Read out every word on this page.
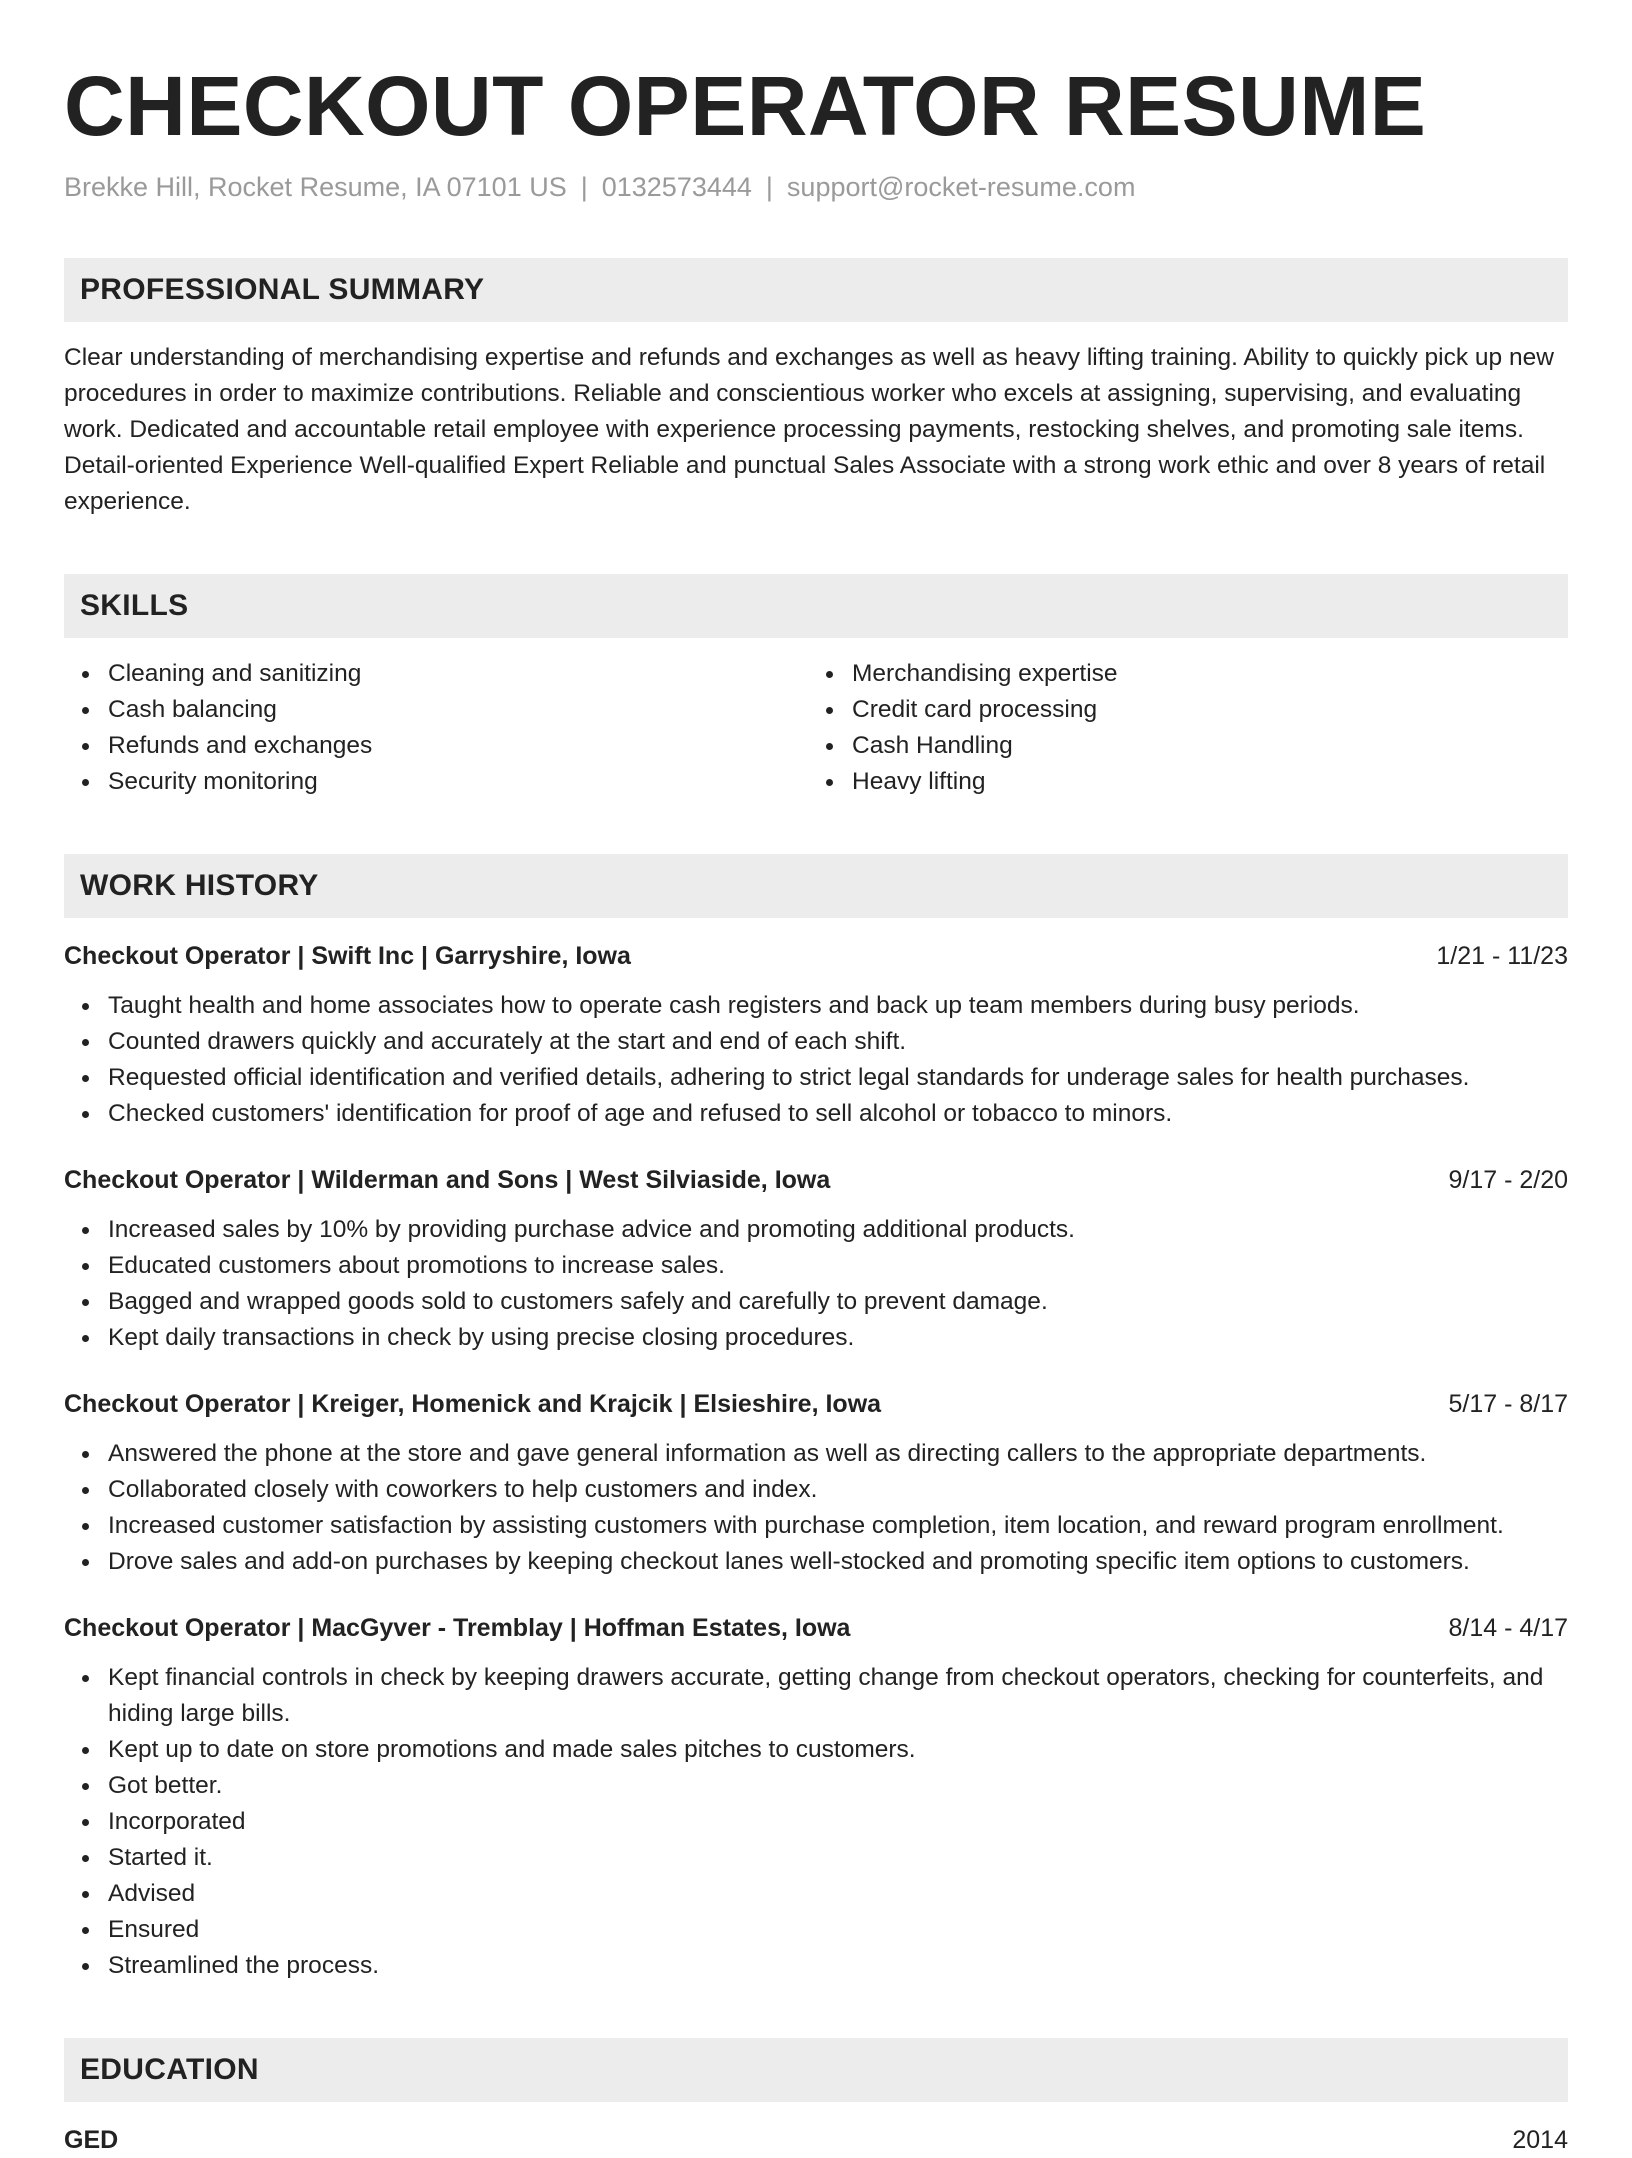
CHECKOUT OPERATOR RESUME
Brekke Hill, Rocket Resume, IA 07101 US | 0132573444 | support@rocket-resume.com
PROFESSIONAL SUMMARY
Clear understanding of merchandising expertise and refunds and exchanges as well as heavy lifting training. Ability to quickly pick up new procedures in order to maximize contributions. Reliable and conscientious worker who excels at assigning, supervising, and evaluating work. Dedicated and accountable retail employee with experience processing payments, restocking shelves, and promoting sale items. Detail-oriented Experience Well-qualified Expert Reliable and punctual Sales Associate with a strong work ethic and over 8 years of retail experience.
SKILLS
Cleaning and sanitizing
Cash balancing
Refunds and exchanges
Security monitoring
Merchandising expertise
Credit card processing
Cash Handling
Heavy lifting
WORK HISTORY
Checkout Operator | Swift Inc | Garryshire, Iowa	1/21 - 11/23
Taught health and home associates how to operate cash registers and back up team members during busy periods.
Counted drawers quickly and accurately at the start and end of each shift.
Requested official identification and verified details, adhering to strict legal standards for underage sales for health purchases.
Checked customers' identification for proof of age and refused to sell alcohol or tobacco to minors.
Checkout Operator | Wilderman and Sons | West Silviaside, Iowa	9/17 - 2/20
Increased sales by 10% by providing purchase advice and promoting additional products.
Educated customers about promotions to increase sales.
Bagged and wrapped goods sold to customers safely and carefully to prevent damage.
Kept daily transactions in check by using precise closing procedures.
Checkout Operator | Kreiger, Homenick and Krajcik | Elsieshire, Iowa	5/17 - 8/17
Answered the phone at the store and gave general information as well as directing callers to the appropriate departments.
Collaborated closely with coworkers to help customers and index.
Increased customer satisfaction by assisting customers with purchase completion, item location, and reward program enrollment.
Drove sales and add-on purchases by keeping checkout lanes well-stocked and promoting specific item options to customers.
Checkout Operator | MacGyver - Tremblay | Hoffman Estates, Iowa	8/14 - 4/17
Kept financial controls in check by keeping drawers accurate, getting change from checkout operators, checking for counterfeits, and hiding large bills.
Kept up to date on store promotions and made sales pitches to customers.
Got better.
Incorporated
Started it.
Advised
Ensured
Streamlined the process.
EDUCATION
GED	2014
